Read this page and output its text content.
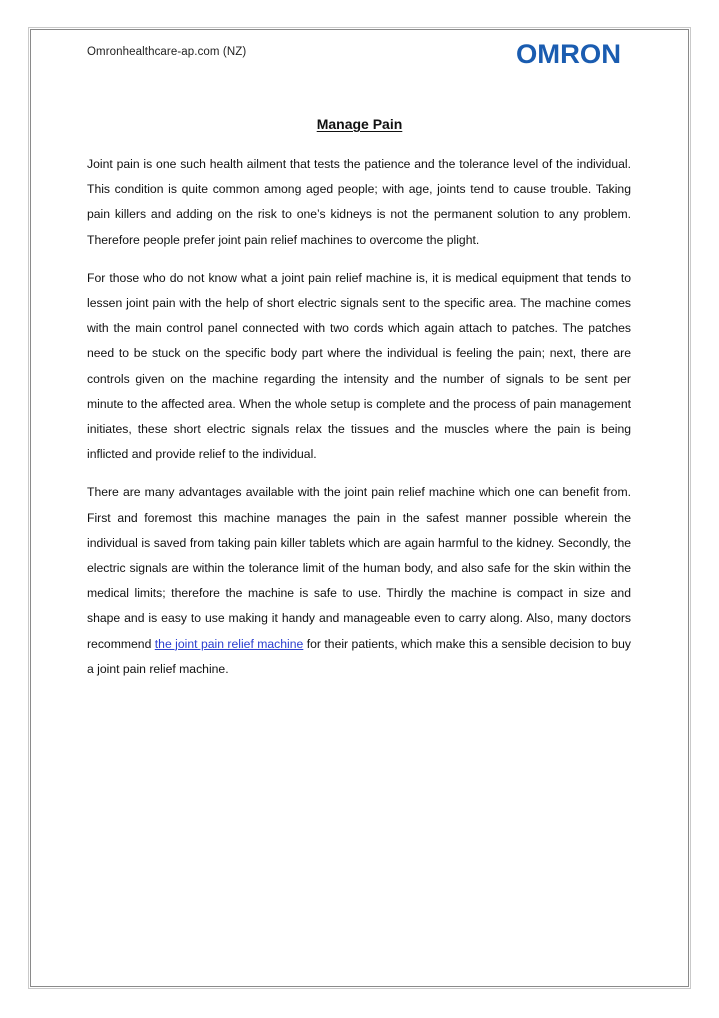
Omronhealthcare-ap.com (NZ)	OMRON
Manage Pain

Joint pain is one such health ailment that tests the patience and the tolerance level of the individual. This condition is quite common among aged people; with age, joints tend to cause trouble. Taking pain killers and adding on the risk to one’s kidneys is not the permanent solution to any problem. Therefore people prefer joint pain relief machines to overcome the plight.

For those who do not know what a joint pain relief machine is, it is medical equipment that tends to lessen joint pain with the help of short electric signals sent to the specific area. The machine comes with the main control panel connected with two cords which again attach to patches. The patches need to be stuck on the specific body part where the individual is feeling the pain; next, there are controls given on the machine regarding the intensity and the number of signals to be sent per minute to the affected area. When the whole setup is complete and the process of pain management initiates, these short electric signals relax the tissues and the muscles where the pain is being inflicted and provide relief to the individual.

There are many advantages available with the joint pain relief machine which one can benefit from. First and foremost this machine manages the pain in the safest manner possible wherein the individual is saved from taking pain killer tablets which are again harmful to the kidney. Secondly, the electric signals are within the tolerance limit of the human body, and also safe for the skin within the medical limits; therefore the machine is safe to use. Thirdly the machine is compact in size and shape and is easy to use making it handy and manageable even to carry along. Also, many doctors recommend the joint pain relief machine for their patients, which make this a sensible decision to buy a joint pain relief machine.
